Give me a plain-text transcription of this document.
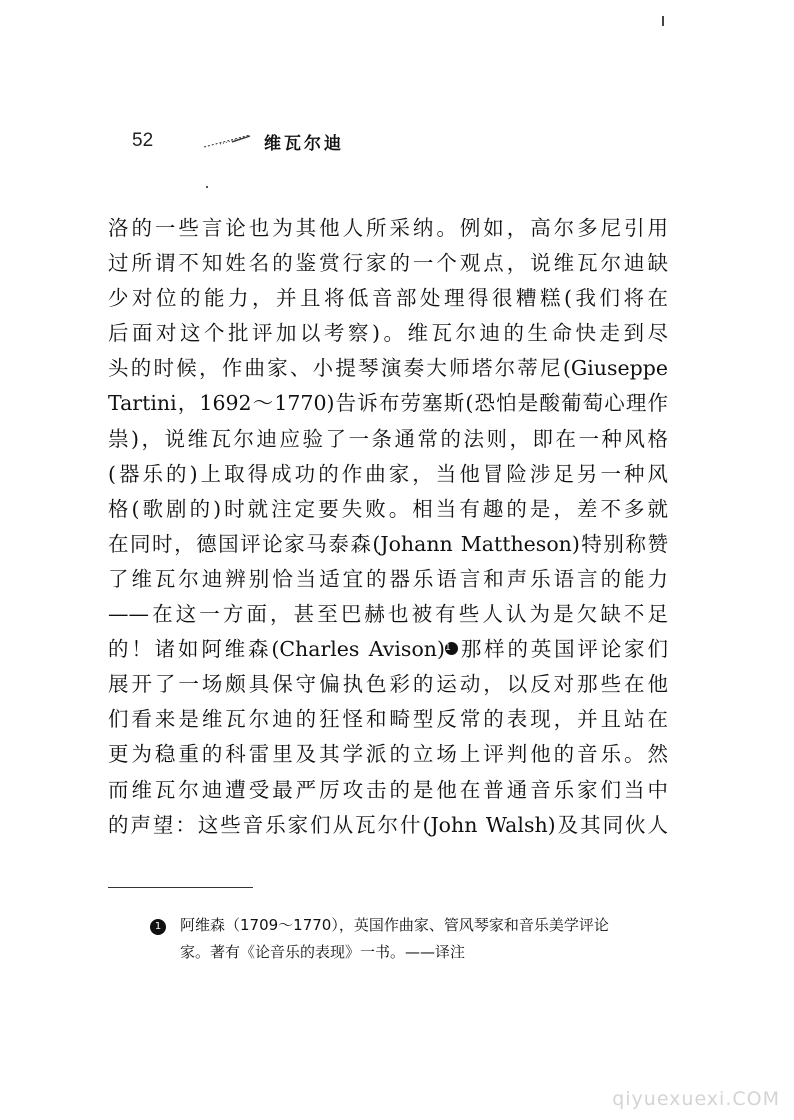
52	维瓦尔迪
洛的一些言论也为其他人所采纳。例如，高尔多尼引用
过所谓不知姓名的鉴赏行家的一个观点，说维瓦尔迪缺
少对位的能力，并且将低音部处理得很糟糕(我们将在
后面对这个批评加以考察)。维瓦尔迪的生命快走到尽
头的时候，作曲家、小提琴演奏大师塔尔蒂尼(Giuseppe
Tartini，1692～1770)告诉布劳塞斯(恐怕是酸葡萄心理作
祟)，说维瓦尔迪应验了一条通常的法则，即在一种风格
(器乐的)上取得成功的作曲家，当他冒险涉足另一种风
格(歌剧的)时就注定要失败。相当有趣的是，差不多就
在同时，德国评论家马泰森(Johann Mattheson)特别称赞
了维瓦尔迪辨别恰当适宜的器乐语言和声乐语言的能力
——在这一方面，甚至巴赫也被有些人认为是欠缺不足
的！诸如阿维森(Charles Avison)1 那样的英国评论家们
展开了一场颇具保守偏执色彩的运动，以反对那些在他
们看来是维瓦尔迪的狂怪和畸型反常的表现，并且站在
更为稳重的科雷里及其学派的立场上评判他的音乐。然
而维瓦尔迪遭受最严厉攻击的是他在普通音乐家们当中
的声望：这些音乐家们从瓦尔什(John Walsh)及其同伙人
1 阿维森（1709～1770），英国作曲家、管风琴家和音乐美学评论
家。著有《论音乐的表现》一书。——译注
qiyuexuexi.COM
